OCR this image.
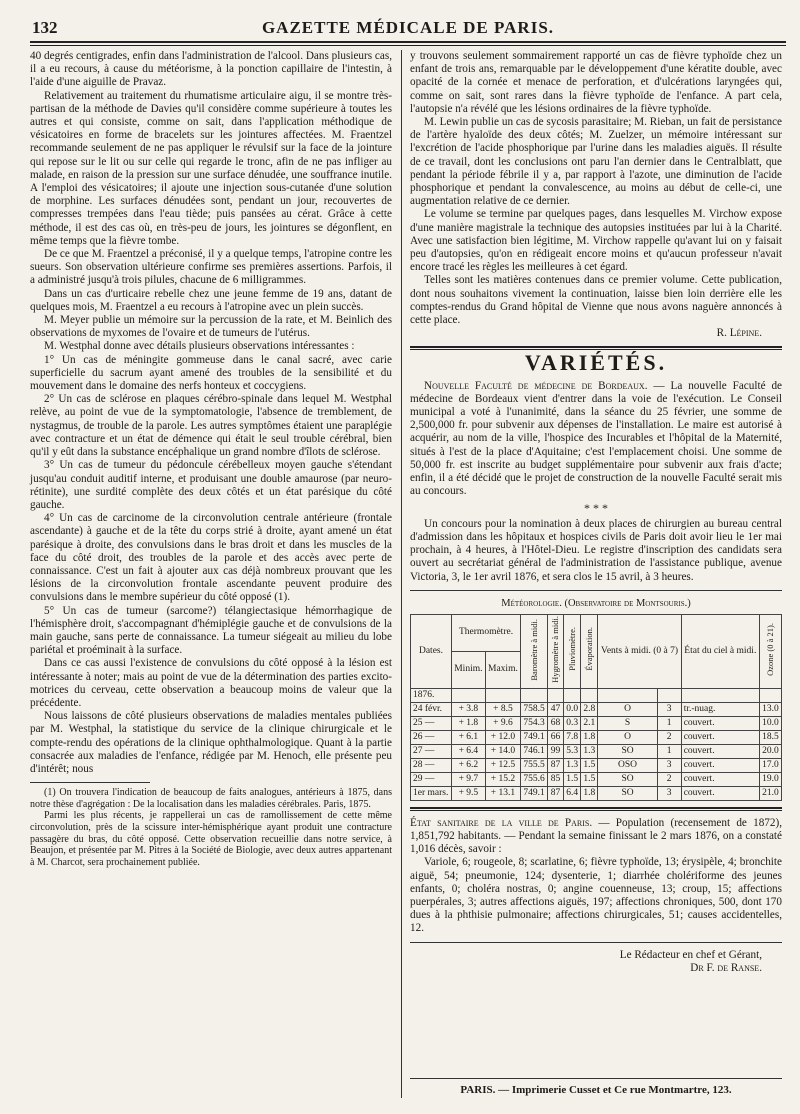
132	GAZETTE MÉDICALE DE PARIS.

40 degrés centigrades, enfin dans l'administration de l'alcool. Dans plusieurs cas, il a eu recours, à cause du météorisme, à la ponction capillaire de l'intestin, à l'aide d'une aiguille de Pravaz.

Relativement au traitement du rhumatisme articulaire aigu, il se montre très-partisan de la méthode de Davies qu'il considère comme supérieure à toutes les autres et qui consiste, comme on sait, dans l'application méthodique de vésicatoires en forme de bracelets sur les jointures affectées. M. Fraentzel recommande seulement de ne pas appliquer le révulsif sur la face de la jointure qui repose sur le lit ou sur celle qui regarde le tronc, afin de ne pas infliger au malade, en raison de la pression sur une surface dénudée, une souffrance inutile. A l'emploi des vésicatoires; il ajoute une injection sous-cutanée d'une solution de morphine. Les surfaces dénudées sont, pendant un jour, recouvertes de compresses trempées dans l'eau tiède; puis pansées au cérat. Grâce à cette méthode, il est des cas où, en très-peu de jours, les jointures se dégonflent, en même temps que la fièvre tombe.

De ce que M. Fraentzel a préconisé, il y a quelque temps, l'atropine contre les sueurs. Son observation ultérieure confirme ses premières assertions. Parfois, il a administré jusqu'à trois pilules, chacune de 6 milligrammes.

Dans un cas d'urticaire rebelle chez une jeune femme de 19 ans, datant de quelques mois, M. Fraentzel a eu recours à l'atropine avec un plein succès.

M. Meyer publie un mémoire sur la percussion de la rate, et M. Beinlich des observations de myxomes de l'ovaire et de tumeurs de l'utérus.

M. Westphal donne avec détails plusieurs observations intéressantes :

1° Un cas de méningite gommeuse dans le canal sacré, avec carie superficielle du sacrum ayant amené des troubles de la sensibilité et du mouvement dans le domaine des nerfs honteux et coccygiens.

2° Un cas de sclérose en plaques cérébro-spinale dans lequel M. Westphal relève, au point de vue de la symptomatologie, l'absence de tremblement, de nystagmus, de trouble de la parole. Les autres symptômes étaient une paraplégie avec contracture et un état de démence qui était le seul trouble cérébral, bien qu'il y eût dans la substance encéphalique un grand nombre d'îlots de sclérose.

3° Un cas de tumeur du pédoncule cérébelleux moyen gauche s'étendant jusqu'au conduit auditif interne, et produisant une double amaurose (par neuro-rétinite), une surdité complète des deux côtés et un état parésique du côté gauche.

4° Un cas de carcinome de la circonvolution centrale antérieure (frontale ascendante) à gauche et de la tête du corps strié à droite, ayant amené un état parésique à droite, des convulsions dans le bras droit et dans les muscles de la face du côté droit, des troubles de la parole et des accès avec perte de connaissance. C'est un fait à ajouter aux cas déjà nombreux prouvant que les lésions de la circonvolution frontale ascendante peuvent produire des convulsions dans le membre supérieur du côté opposé (1).

5° Un cas de tumeur (sarcome?) télangiectasique hémorrhagique de l'hémisphère droit, s'accompagnant d'hémiplégie gauche et de convulsions de la main gauche, sans perte de connaissance. La tumeur siégeait au milieu du lobe pariétal et proéminait à la surface.

Dans ce cas aussi l'existence de convulsions du côté opposé à la lésion est intéressante à noter; mais au point de vue de la détermination des parties excito-motrices du cerveau, cette observation a beaucoup moins de valeur que la précédente.

Nous laissons de côté plusieurs observations de maladies mentales publiées par M. Westphal, la statistique du service de la clinique chirurgicale et le compte-rendu des opérations de la clinique ophthalmologique. Quant à la partie consacrée aux maladies de l'enfance, rédigée par M. Henoch, elle présente peu d'intérêt; nous

(1) On trouvera l'indication de beaucoup de faits analogues, antérieurs à 1875, dans notre thèse d'agrégation : De la localisation dans les maladies cérébrales. Paris, 1875.

Parmi les plus récents, je rappellerai un cas de ramollissement de cette même circonvolution, près de la scissure inter-hémisphérique ayant produit une contracture passagère du bras, du côté opposé. Cette observation recueillie dans notre service, à Beaujon, et présentée par M. Pitres à la Société de Biologie, avec deux autres appartenant à M. Charcot, sera prochainement publiée.

y trouvons seulement sommairement rapporté un cas de fièvre typhoïde chez un enfant de trois ans, remarquable par le développement d'une kératite double, avec opacité de la cornée et menace de perforation, et d'ulcérations laryngées qui, comme on sait, sont rares dans la fièvre typhoïde de l'enfance. A part cela, l'autopsie n'a révélé que les lésions ordinaires de la fièvre typhoïde.

M. Lewin publie un cas de sycosis parasitaire; M. Rieban, un fait de persistance de l'artère hyaloïde des deux côtés; M. Zuelzer, un mémoire intéressant sur l'excrétion de l'acide phosphorique par l'urine dans les maladies aiguës. Il résulte de ce travail, dont les conclusions ont paru l'an dernier dans le Centralblatt, que pendant la période fébrile il y a, par rapport à l'azote, une diminution de l'acide phosphorique et pendant la convalescence, au moins au début de celle-ci, une augmentation relative de ce dernier.

Le volume se termine par quelques pages, dans lesquelles M. Virchow expose d'une manière magistrale la technique des autopsies instituées par lui à la Charité. Avec une satisfaction bien légitime, M. Virchow rappelle qu'avant lui on y faisait peu d'autopsies, qu'on en rédigeait encore moins et qu'aucun professeur n'avait encore tracé les règles les meilleures à cet égard.

Telles sont les matières contenues dans ce premier volume. Cette publication, dont nous souhaitons vivement la continuation, laisse bien loin derrière elle les comptes-rendus du Grand hôpital de Vienne que nous avons naguère annoncés à cette place.

R. Lépine.
VARIÉTÉS.

Nouvelle Faculté de médecine de Bordeaux. — La nouvelle Faculté de médecine de Bordeaux vient d'entrer dans la voie de l'exécution. Le Conseil municipal a voté à l'unanimité, dans la séance du 25 février, une somme de 2,500,000 fr. pour subvenir aux dépenses de l'installation. Le maire est autorisé à acquérir, au nom de la ville, l'hospice des Incurables et l'hôpital de la Maternité, situés à l'est de la place d'Aquitaine; c'est l'emplacement choisi. Une somme de 50,000 fr. est inscrite au budget supplémentaire pour subvenir aux frais d'acte; enfin, il a été décidé que le projet de construction de la nouvelle Faculté serait mis au concours.

* * *

Un concours pour la nomination à deux places de chirurgien au bureau central d'admission dans les hôpitaux et hospices civils de Paris doit avoir lieu le 1er mai prochain, à 4 heures, à l'Hôtel-Dieu. Le registre d'inscription des candidats sera ouvert au secrétariat général de l'administration de l'assistance publique, avenue Victoria, 3, le 1er avril 1876, et sera clos le 15 avril, à 3 heures.

Météorologie. (Observatoire de Montsouris.)
Dates.	Thermomètre.		Baromètre à midi.	Hygromètre à midi.	Pluviomètre.	Évaporation.	Vents à midi. (0 à 7)		État du ciel à midi.	Ozone (0 à 21).
	Minim.	Maxim.								
1876.										
24 févr.	+ 3.8	+ 8.5	758.5	47	0.0	2.8	O	3	tr.-nuag.	13.0
25 —	+ 1.8	+ 9.6	754.3	68	0.3	2.1	S	1	couvert.	10.0
26 —	+ 6.1	+ 12.0	749.1	66	7.8	1.8	O	2	couvert.	18.5
27 —	+ 6.4	+ 14.0	746.1	99	5.3	1.3	SO	1	couvert.	20.0
28 —	+ 6.2	+ 12.5	755.5	87	1.3	1.5	OSO	3	couvert.	17.0
29 —	+ 9.7	+ 15.2	755.6	85	1.5	1.5	SO	2	couvert.	19.0
1er mars.	+ 9.5	+ 13.1	749.1	87	6.4	1.8	SO	3	couvert.	21.0

État sanitaire de la ville de Paris. — Population (recensement de 1872), 1,851,792 habitants. — Pendant la semaine finissant le 2 mars 1876, on a constaté 1,016 décès, savoir :

Variole, 6; rougeole, 8; scarlatine, 6; fièvre typhoïde, 13; érysipèle, 4; bronchite aiguë, 54; pneumonie, 124; dysenterie, 1; diarrhée cholériforme des jeunes enfants, 0; choléra nostras, 0; angine couenneuse, 13; croup, 15; affections puerpérales, 3; autres affections aiguës, 197; affections chroniques, 500, dont 170 dues à la phthisie pulmonaire; affections chirurgicales, 51; causes accidentelles, 12.

Le Rédacteur en chef et Gérant,
Dr F. de Ranse.
PARIS. — Imprimerie Cusset et Ce rue Montmartre, 123.
